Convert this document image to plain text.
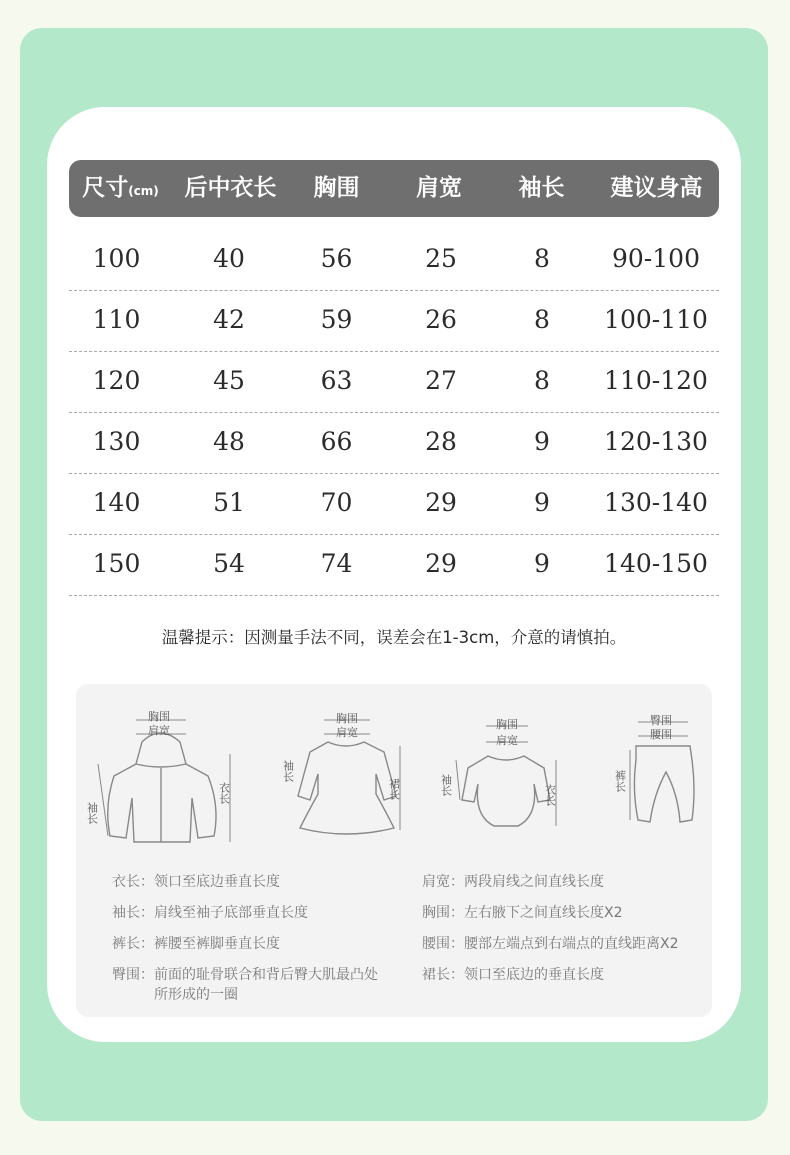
尺寸(cm)	后中衣长	胸围	肩宽	袖长	建议身高
100	40	56	25	8	90-100
110	42	59	26	8	100-110
120	45	63	27	8	110-120
130	48	66	28	9	120-130
140	51	70	29	9	130-140
150	54	74	29	9	140-150
温馨提示：因测量手法不同，误差会在1-3cm，介意的请慎拍。
胸围
肩宽
袖长
衣长
胸围
肩宽
袖长
裙长
胸围
肩宽
袖长	衣长
臀围
腰围
裤长
衣长：领口至底边垂直长度
袖长：肩线至袖子底部垂直长度
裤长：裤腰至裤脚垂直长度
臀围：前面的耻骨联合和背后臀大肌最凸处
所形成的一圈
肩宽：两段肩线之间直线长度
胸围：左右腋下之间直线长度X2
腰围：腰部左端点到右端点的直线距离X2
裙长：领口至底边的垂直长度
